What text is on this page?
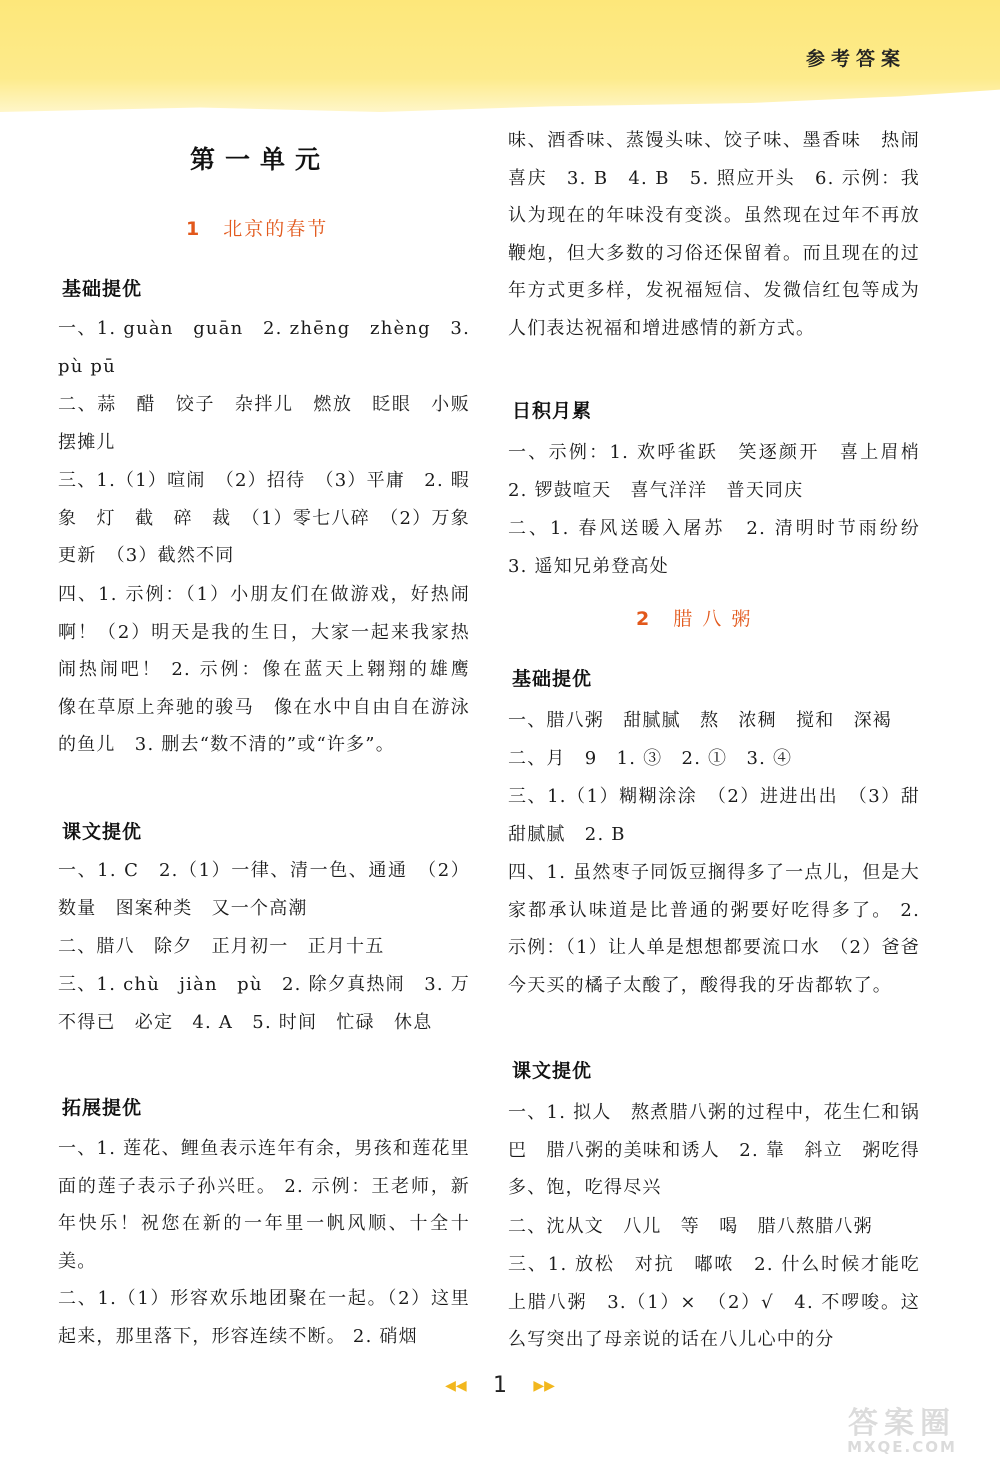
参考答案
第一单元
1 北京的春节
基础提优
一、1. guàn　guān　2. zhēng　zhèng　3. pù pū
二、蒜　醋　饺子　杂拌儿　燃放　眨眼　小贩　摆摊儿
三、1.（1）喧闹　（2）招待　（3）平庸　2. 暇　象　灯　截　碎　裁　（1）零七八碎　（2）万象更新　（3）截然不同
四、1. 示例：（1）小朋友们在做游戏，好热闹啊！（2）明天是我的生日，大家一起来我家热闹热闹吧！ 2. 示例：像在蓝天上翱翔的雄鹰　像在草原上奔驰的骏马　像在水中自由自在游泳的鱼儿　3. 删去“数不清的”或“许多”。
课文提优
一、1. C　2.（1）一律、清一色、通通　（2）数量　图案种类　又一个高潮
二、腊八　除夕　正月初一　正月十五
三、1. chù　jiàn　pù　2. 除夕真热闹　3. 万不得已　必定　4. A　5. 时间　忙碌　休息
拓展提优
一、1. 莲花、鲤鱼表示连年有余，男孩和莲花里面的莲子表示子孙兴旺。 2. 示例：王老师，新年快乐！祝您在新的一年里一帆风顺、十全十美。
二、1.（1）形容欢乐地团聚在一起。（2）这里起来，那里落下，形容连续不断。 2. 硝烟
味、酒香味、蒸馒头味、饺子味、墨香味　热闹喜庆　3. B　4. B　5. 照应开头　6. 示例：我认为现在的年味没有变淡。虽然现在过年不再放鞭炮，但大多数的习俗还保留着。而且现在的过年方式更多样，发祝福短信、发微信红包等成为人们表达祝福和增进感情的新方式。
日积月累
一、示例：1. 欢呼雀跃　笑逐颜开　喜上眉梢　2. 锣鼓喧天　喜气洋洋　普天同庆
二、1. 春风送暖入屠苏　2. 清明时节雨纷纷　3. 遥知兄弟登高处
2 腊 八 粥
基础提优
一、腊八粥　甜腻腻　熬　浓稠　搅和　深褐
二、月　9　1. ③　2. ①　3. ④
三、1.（1）糊糊涂涂　（2）进进出出　（3）甜甜腻腻　2. B
四、1. 虽然枣子同饭豆搁得多了一点儿，但是大家都承认味道是比普通的粥要好吃得多了。 2. 示例：（1）让人单是想想都要流口水　（2）爸爸今天买的橘子太酸了，酸得我的牙齿都软了。
课文提优
一、1. 拟人　熬煮腊八粥的过程中，花生仁和锅巴　腊八粥的美味和诱人　2. 靠　斜立　粥吃得多、饱，吃得尽兴
二、沈从文　八儿　等　喝　腊八熬腊八粥
三、1. 放松　对抗　嘟哝　2. 什么时候才能吃上腊八粥　3.（1）×　（2）√　4. 不啰唆。这么写突出了母亲说的话在八儿心中的分
◀◀ 1 ▶▶
答案圈
MXQE.COM
